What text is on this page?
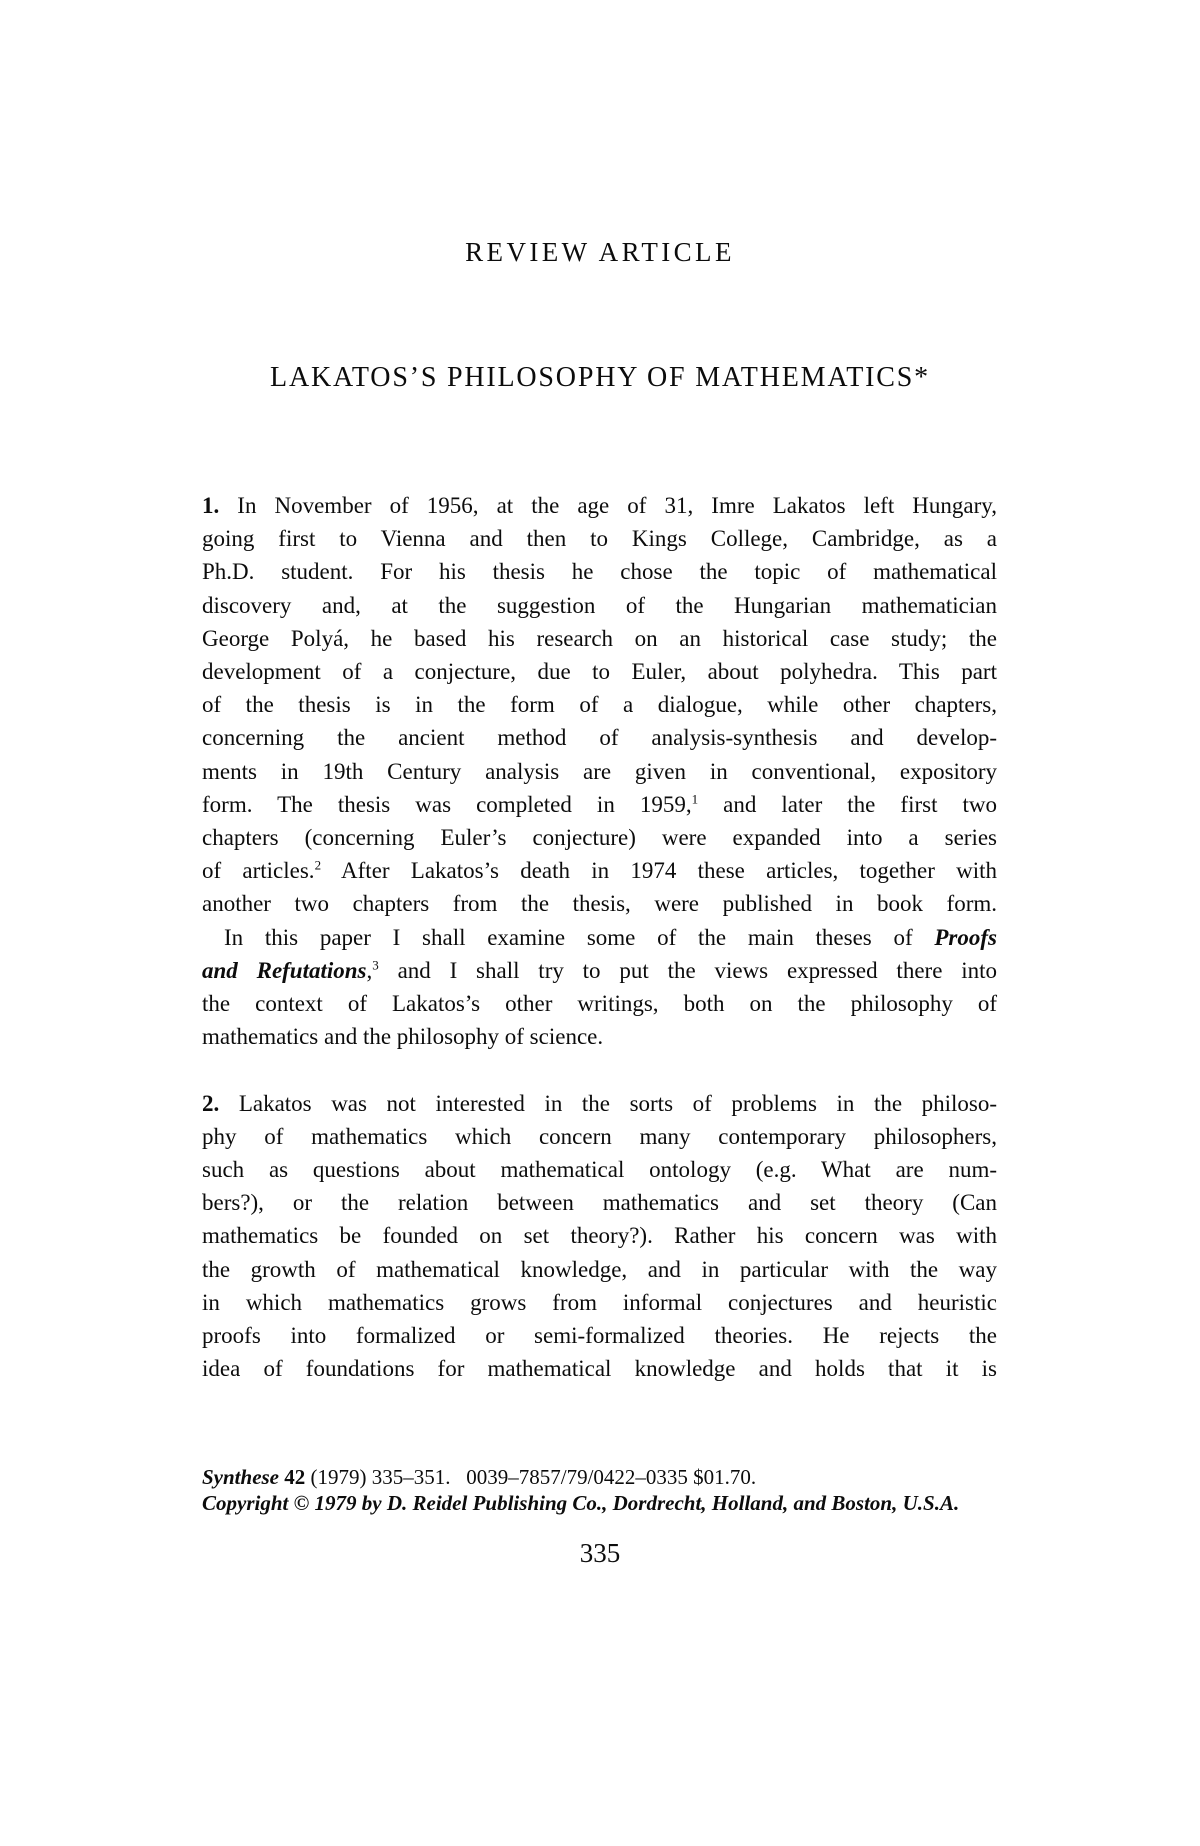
REVIEW ARTICLE
LAKATOS’S PHILOSOPHY OF MATHEMATICS*
1. In November of 1956, at the age of 31, Imre Lakatos left Hungary,
going first to Vienna and then to Kings College, Cambridge, as a
Ph.D. student. For his thesis he chose the topic of mathematical
discovery and, at the suggestion of the Hungarian mathematician
George Polyá, he based his research on an historical case study; the
development of a conjecture, due to Euler, about polyhedra. This part
of the thesis is in the form of a dialogue, while other chapters,
concerning the ancient method of analysis-synthesis and develop-
ments in 19th Century analysis are given in conventional, expository
form. The thesis was completed in 1959,$^1$ and later the first two
chapters (concerning Euler’s conjecture) were expanded into a series
of articles.$^2$ After Lakatos’s death in 1974 these articles, together with
another two chapters from the thesis, were published in book form.
In this paper I shall examine some of the main theses of Proofs
and Refutations,$^3$ and I shall try to put the views expressed there into
the context of Lakatos’s other writings, both on the philosophy of
mathematics and the philosophy of science.
2. Lakatos was not interested in the sorts of problems in the philoso-
phy of mathematics which concern many contemporary philosophers,
such as questions about mathematical ontology (e.g. What are num-
bers?), or the relation between mathematics and set theory (Can
mathematics be founded on set theory?). Rather his concern was with
the growth of mathematical knowledge, and in particular with the way
in which mathematics grows from informal conjectures and heuristic
proofs into formalized or semi-formalized theories. He rejects the
idea of foundations for mathematical knowledge and holds that it is
Synthese 42 (1979) 335–351.   0039–7857/79/0422–0335 $01.70.
Copyright © 1979 by D. Reidel Publishing Co., Dordrecht, Holland, and Boston, U.S.A.
335
